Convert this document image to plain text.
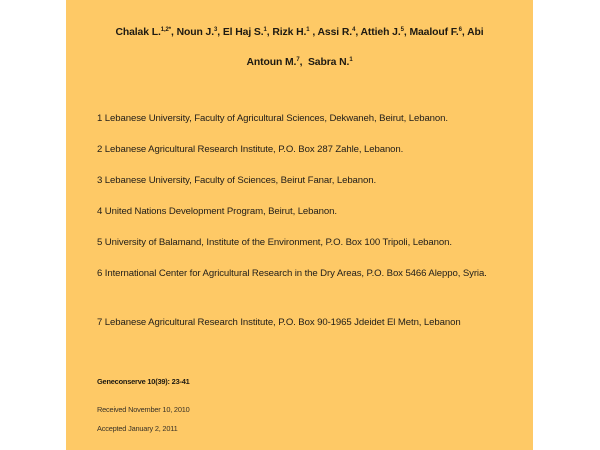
Chalak L.$^{1,2*}$, Noun J.$^3$, El Haj S.$^1$, Rizk H.$^1$ , Assi R.$^4$, Attieh J.$^5$, Maalouf F.$^6$, Abi
Antoun M.$^7$,  Sabra N.$^1$
1 Lebanese University, Faculty of Agricultural Sciences, Dekwaneh, Beirut, Lebanon.
2 Lebanese Agricultural Research Institute, P.O. Box 287 Zahle, Lebanon.
3 Lebanese University, Faculty of Sciences, Beirut Fanar, Lebanon.
4 United Nations Development Program, Beirut, Lebanon.
5 University of Balamand, Institute of the Environment, P.O. Box 100 Tripoli, Lebanon.
6 International Center for Agricultural Research in the Dry Areas, P.O. Box 5466 Aleppo, Syria.
7 Lebanese Agricultural Research Institute, P.O. Box 90-1965 Jdeidet El Metn, Lebanon
Geneconserve 10(39): 23-41
Received November 10, 2010
Accepted January 2, 2011
